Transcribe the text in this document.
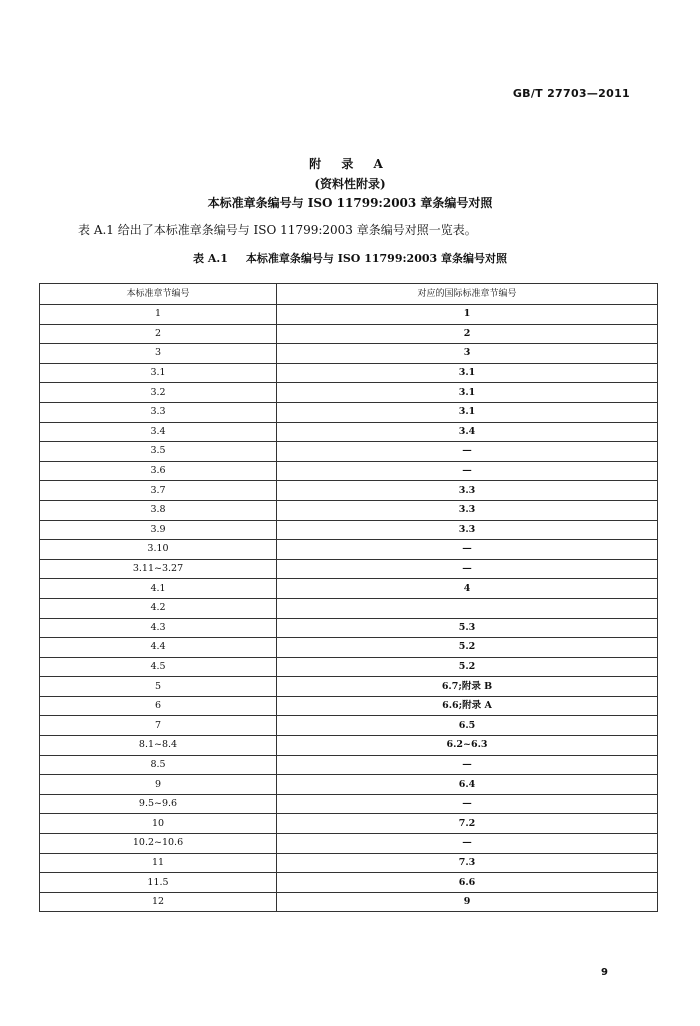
GB/T 27703—2011
附 录 A
(资料性附录)
本标准章条编号与 ISO 11799:2003 章条编号对照
表 A.1 给出了本标准章条编号与 ISO 11799:2003 章条编号对照一览表。
表 A.1 本标准章条编号与 ISO 11799:2003 章条编号对照
本标准章节编号	对应的国际标准章节编号
1	1
2	2
3	3
3.1	3.1
3.2	3.1
3.3	3.1
3.4	3.4
3.5	—
3.6	—
3.7	3.3
3.8	3.3
3.9	3.3
3.10	—
3.11~3.27	—
4.1	4
4.2	
4.3	5.3
4.4	5.2
4.5	5.2
5	6.7;附录 B
6	6.6;附录 A
7	6.5
8.1~8.4	6.2~6.3
8.5	—
9	6.4
9.5~9.6	—
10	7.2
10.2~10.6	—
11	7.3
11.5	6.6
12	9
9
